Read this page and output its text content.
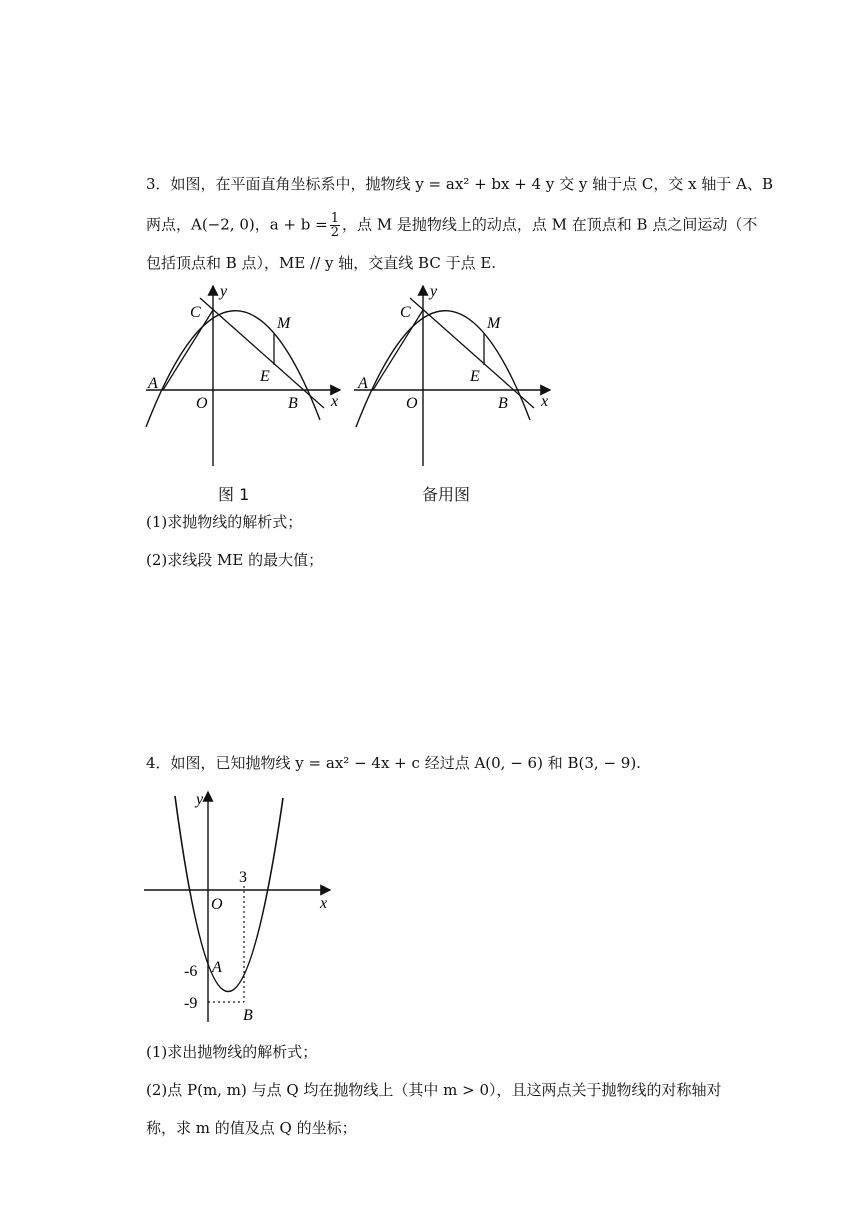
3．如图，在平面直角坐标系中，抛物线 y = ax² + bx + 4 y 交 y 轴于点 C，交 x 轴于 A、B
两点，A(−2, 0)，$a + b = \frac{1}{2}$ ，点 M 是抛物线上的动点，点 M 在顶点和 B 点之间运动（不
包括顶点和 B 点），ME // y 轴，交直线 BC 于点 E.
y
C
M
A	E
O	B x
y
C
M
A	E
O	B x
图 1	备用图
(1)求抛物线的解析式；
(2)求线段 ME 的最大值；
4．如图，已知抛物线 y = ax² − 4x + c 经过点 A(0, − 6) 和 B(3, − 9).
y
3
O	x
-6 A
-9
B
(1)求出抛物线的解析式；
(2)点 P(m, m) 与点 Q 均在抛物线上（其中 m > 0），且这两点关于抛物线的对称轴对
称，求 m 的值及点 Q 的坐标；
